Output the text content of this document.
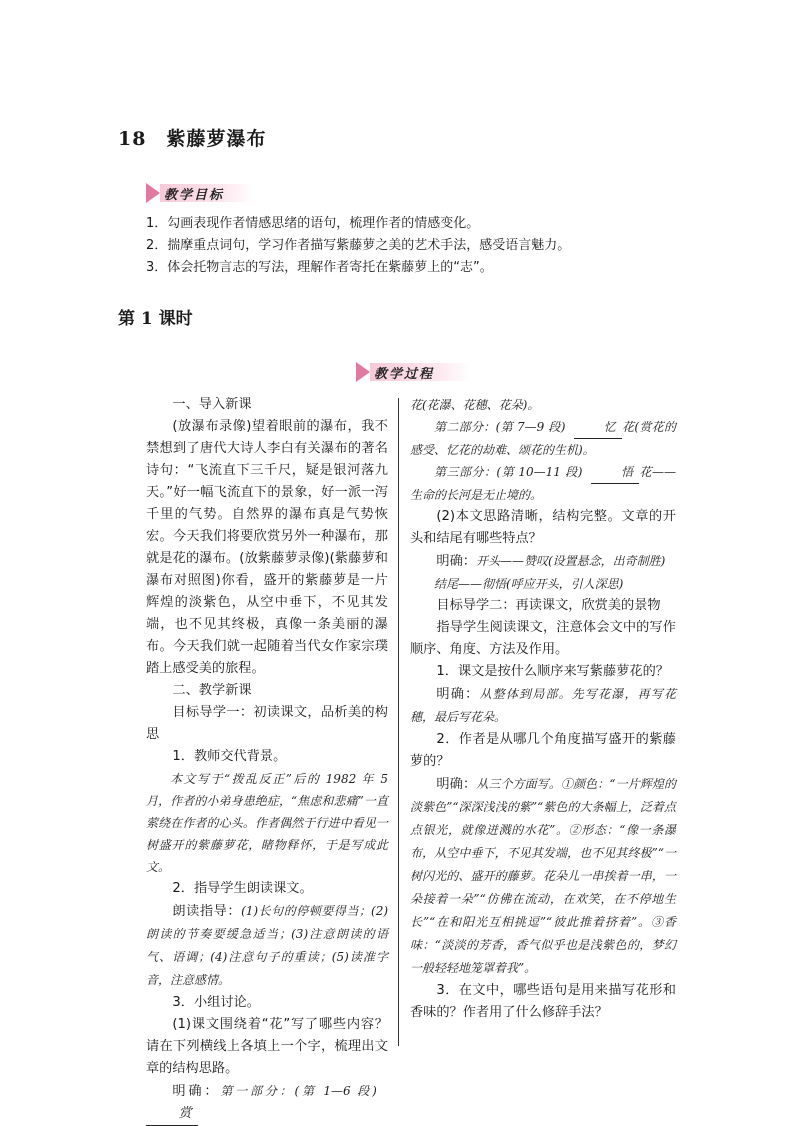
18　紫藤萝瀑布
教学目标
1．勾画表现作者情感思绪的语句，梳理作者的情感变化。
2．揣摩重点词句，学习作者描写紫藤萝之美的艺术手法，感受语言魅力。
3．体会托物言志的写法，理解作者寄托在紫藤萝上的“志”。
第 1 课时
教学过程

一、导入新课

(放瀑布录像)望着眼前的瀑布，我不禁想到了唐代大诗人李白有关瀑布的著名诗句：“飞流直下三千尺，疑是银河落九天。”好一幅飞流直下的景象，好一派一泻千里的气势。自然界的瀑布真是气势恢宏。今天我们将要欣赏另外一种瀑布，那就是花的瀑布。(放紫藤萝录像)(紫藤萝和瀑布对照图)你看，盛开的紫藤萝是一片辉煌的淡紫色，从空中垂下，不见其发端，也不见其终极，真像一条美丽的瀑布。今天我们就一起随着当代女作家宗璞踏上感受美的旅程。

二、教学新课

目标导学一：初读课文，品析美的构思

1．教师交代背景。

本文写于“拨乱反正”后的 1982 年 5 月，作者的小弟身患绝症，“焦虑和悲痛”一直萦绕在作者的心头。作者偶然于行进中看见一树盛开的紫藤萝花，睹物释怀，于是写成此文。

2．指导学生朗读课文。

朗读指导：(1)长句的停顿要得当；(2)朗读的节奏要缓急适当；(3)注意朗读的语气、语调；(4)注意句子的重读；(5)读准字音，注意感情。

3．小组讨论。

(1)课文围绕着“花”写了哪些内容？请在下列横线上各填上一个字，梳理出文章的结构思路。

明确：第一部分：(第 1—6 段)  赏

花(花瀑、花穗、花朵)。

第二部分：(第 7—9 段)	忆 花(赏花的感受、忆花的劫难、颂花的生机)。

第三部分：(第 10—11 段)	悟 花——生命的长河是无止境的。

(2)本文思路清晰，结构完整。文章的开头和结尾有哪些特点？

明确：开头——赞叹(设置悬念，出奇制胜)

结尾——彻悟(呼应开头，引人深思)

目标导学二：再读课文，欣赏美的景物

指导学生阅读课文，注意体会文中的写作顺序、角度、方法及作用。

1．课文是按什么顺序来写紫藤萝花的？

明确：从整体到局部。先写花瀑，再写花穗，最后写花朵。

2．作者是从哪几个角度描写盛开的紫藤萝的？

明确：从三个方面写。①颜色：“一片辉煌的淡紫色”“深深浅浅的紫”“紫色的大条幅上，泛着点点银光，就像迸溅的水花”。②形态：“像一条瀑布，从空中垂下，不见其发端，也不见其终极”“一树闪光的、盛开的藤萝。花朵儿一串挨着一串，一朵接着一朵”“仿佛在流动，在欢笑，在不停地生长”“在和阳光互相挑逗”“彼此推着挤着”。③香味：“淡淡的芳香，香气似乎也是浅紫色的，梦幻一般轻轻地笼罩着我”。

3．在文中，哪些语句是用来描写花形和香味的？作者用了什么修辞手法？
